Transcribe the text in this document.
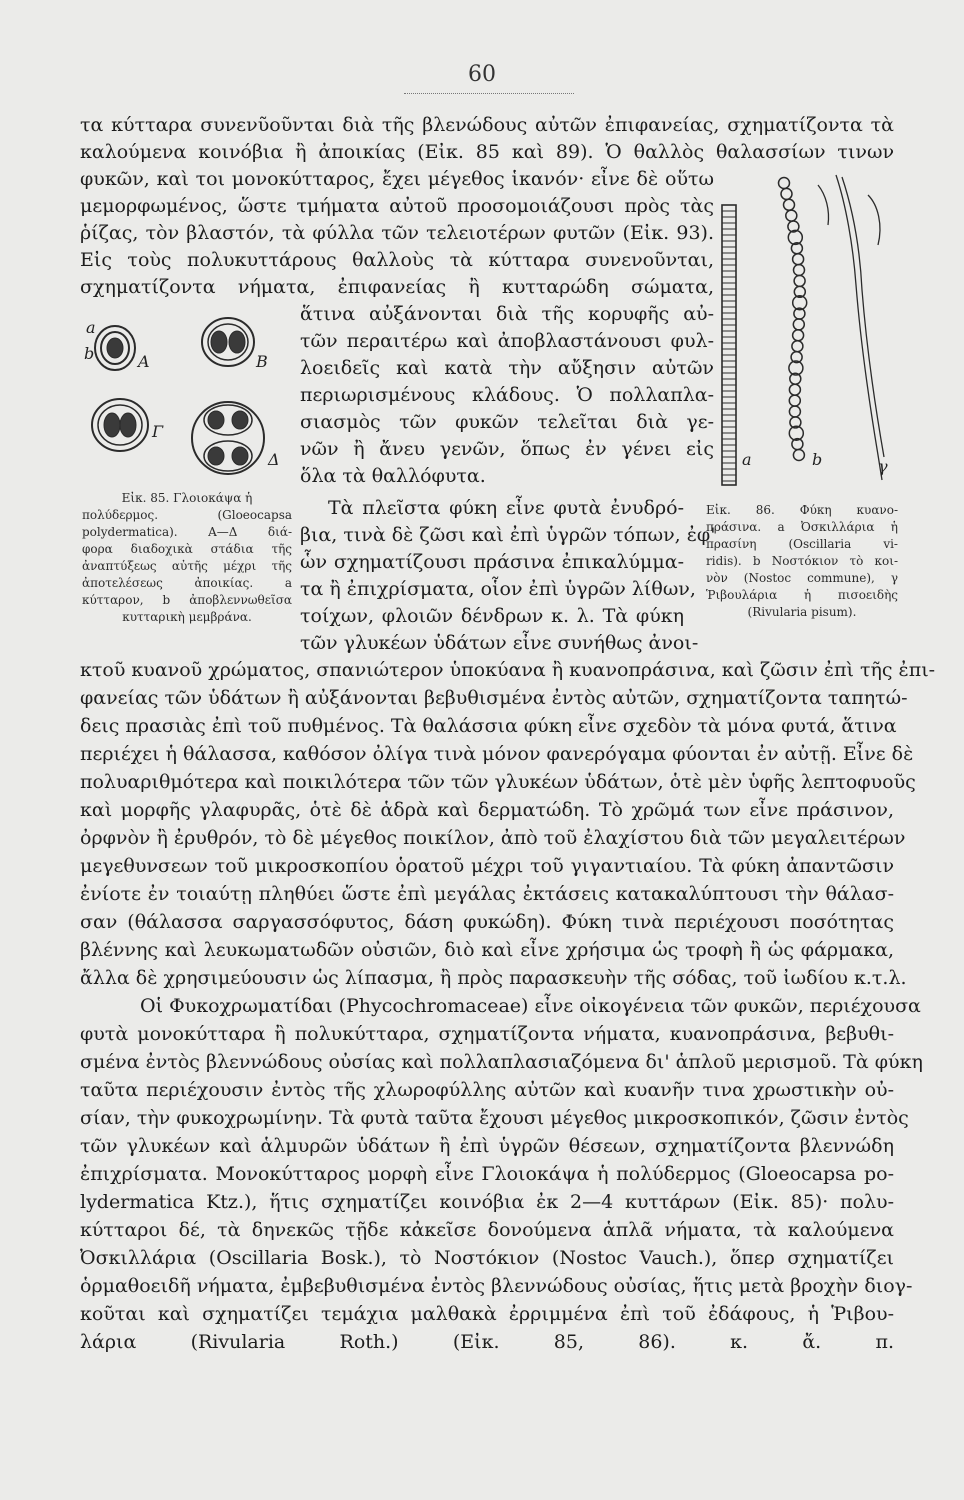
60
τα κύτταρα συνενῦοῦνται διὰ τῆς βλενώδους αὐτῶν ἐπιφανείας, σχηματίζοντα τὰ
καλούμενα κοινόβια ἢ ἀποικίας (Εἰκ. 85 καὶ 89). Ὁ θαλλὸς θαλασσίων τινων
φυκῶν, καὶ τοι μονοκύτταρος, ἔχει μέγεθος ἱκανόν· εἶνε δὲ οὕτω
μεμορφωμένος, ὥστε τμήματα αὐτοῦ προσομοιάζουσι πρὸς τὰς
ῥίζας, τὸν βλαστόν, τὰ φύλλα τῶν τελειοτέρων φυτῶν (Εἰκ. 93).
Εἰς τοὺς πολυκυττάρους θαλλοὺς τὰ κύτταρα συνενοῦνται,
σχηματίζοντα νήματα, ἐπιφανείας ἢ κυτταρώδη σώματα,
ἅτινα αὐξάνονται διὰ τῆς κορυφῆς αὐ-
τῶν περαιτέρω καὶ ἀποβλαστάνουσι φυλ-
λοειδεῖς καὶ κατὰ τὴν αὔξησιν αὐτῶν
περιωρισμένους κλάδους. Ὁ πολλαπλα-
σιασμὸς τῶν φυκῶν τελεῖται διὰ γε-
νῶν ἢ ἄνευ γενῶν, ὅπως ἐν γένει εἰς
ὅλα τὰ θαλλόφυτα.
Τὰ πλεῖστα φύκη εἶνε φυτὰ ἐνυδρό-
βια, τινὰ δὲ ζῶσι καὶ ἐπὶ ὑγρῶν τόπων, ἐφ'
ὧν σχηματίζουσι πράσινα ἐπικαλύμμα-
τα ἢ ἐπιχρίσματα, οἷον ἐπὶ ὑγρῶν λίθων,
τοίχων, φλοιῶν δένδρων κ. λ. Τὰ φύκη
τῶν γλυκέων ὑδάτων εἶνε συνήθως ἀνοι-
κτοῦ κυανοῦ χρώματος, σπανιώτερον ὑποκύανα ἢ κυανοπράσινα, καὶ ζῶσιν ἐπὶ τῆς ἐπι-
φανείας τῶν ὑδάτων ἢ αὐξάνονται βεβυθισμένα ἐντὸς αὐτῶν, σχηματίζοντα ταπητώ-
δεις πρασιὰς ἐπὶ τοῦ πυθμένος. Τὰ θαλάσσια φύκη εἶνε σχεδὸν τὰ μόνα φυτά, ἅτινα
περιέχει ἡ θάλασσα, καθόσον ὀλίγα τινὰ μόνον φανερόγαμα φύονται ἐν αὐτῇ. Εἶνε δὲ
πολυαριθμότερα καὶ ποικιλότερα τῶν τῶν γλυκέων ὑδάτων, ὁτὲ μὲν ὑφῆς λεπτοφυοῦς
καὶ μορφῆς γλαφυρᾶς, ὁτὲ δὲ ἁδρὰ καὶ δερματώδη. Τὸ χρῶμά των εἶνε πράσινον,
ὀρφνὸν ἢ ἐρυθρόν, τὸ δὲ μέγεθος ποικίλον, ἀπὸ τοῦ ἐλαχίστου διὰ τῶν μεγαλειτέρων
μεγεθυνσεων τοῦ μικροσκοπίου ὁρατοῦ μέχρι τοῦ γιγαντιαίου. Τὰ φύκη ἀπαντῶσιν
ἐνίοτε ἐν τοιαύτῃ πληθύει ὥστε ἐπὶ μεγάλας ἐκτάσεις κατακαλύπτουσι τὴν θάλασ-
σαν (θάλασσα σαργασσόφυτος, δάση φυκώδη). Φύκη τινὰ περιέχουσι ποσότητας
βλέννης καὶ λευκωματωδῶν οὐσιῶν, διὸ καὶ εἶνε χρήσιμα ὡς τροφὴ ἢ ὡς φάρμακα,
ἄλλα δὲ χρησιμεύουσιν ὡς λίπασμα, ἢ πρὸς παρασκευὴν τῆς σόδας, τοῦ ἰωδίου κ.τ.λ.
Οἱ Φυκοχρωματίδαι (Phycochromaceae) εἶνε οἰκογένεια τῶν φυκῶν, περιέχουσα
φυτὰ μονοκύτταρα ἢ πολυκύτταρα, σχηματίζοντα νήματα, κυανοπράσινα, βεβυθι-
σμένα ἐντὸς βλεννώδους οὐσίας καὶ πολλαπλασιαζόμενα δι' ἁπλοῦ μερισμοῦ. Τὰ φύκη
ταῦτα περιέχουσιν ἐντὸς τῆς χλωροφύλλης αὐτῶν καὶ κυανῆν τινα χρωστικὴν οὐ-
σίαν, τὴν φυκοχρωμίνην. Τὰ φυτὰ ταῦτα ἔχουσι μέγεθος μικροσκοπικόν, ζῶσιν ἐντὸς
τῶν γλυκέων καὶ ἁλμυρῶν ὑδάτων ἢ ἐπὶ ὑγρῶν θέσεων, σχηματίζοντα βλεννώδη
ἐπιχρίσματα. Μονοκύτταρος μορφὴ εἶνε Γλοιοκάψα ἡ πολύδερμος (Gloeocapsa po-
lydermatica Ktz.), ἥτις σχηματίζει κοινόβια ἐκ 2—4 κυττάρων (Εἰκ. 85)· πολυ-
κύτταροι δέ, τὰ δηνεκῶς τῇδε κἀκεῖσε δονούμενα ἁπλᾶ νήματα, τὰ καλούμενα
Ὀσκιλλάρια (Oscillaria Bosk.), τὸ Νοστόκιον (Nostoc Vauch.), ὅπερ σχηματίζει
ὁρμαθοειδῆ νήματα, ἐμβεβυθισμένα ἐντὸς βλεννώδους οὐσίας, ἥτις μετὰ βροχὴν διογ-
κοῦται καὶ σχηματίζει τεμάχια μαλθακὰ ἐρριμμένα ἐπὶ τοῦ ἐδάφους, ἡ Ῥιβου-
λάρια (Rivularia Roth.) (Εἰκ. 85, 86). κ. ἄ. π.
a
b	A	B
Γ
Δ
Εἰκ. 85. Γλοιοκάψα ἡ
πολύδερμος. (Gloeocapsa
polydermatica). A—Δ διά-
φορα διαδοχικὰ στάδια τῆς
ἀναπτύξεως αὐτῆς μέχρι τῆς
ἀποτελέσεως ἀποικίας. a
κύτταρον, b ἀποβλεννωθεῖσα
κυτταρικὴ μεμβράνα.
a	b	γ
Εἰκ. 86. Φύκη κυανο-
πράσινα. a Ὀσκιλλάρια ἡ
πρασίνη (Oscillaria vi-
ridis). b Νοστόκιον τὸ κοι-
νὸν (Nostoc commune), γ
Ῥιβουλάρια ἡ πισοειδὴς
(Rivularia pisum).
